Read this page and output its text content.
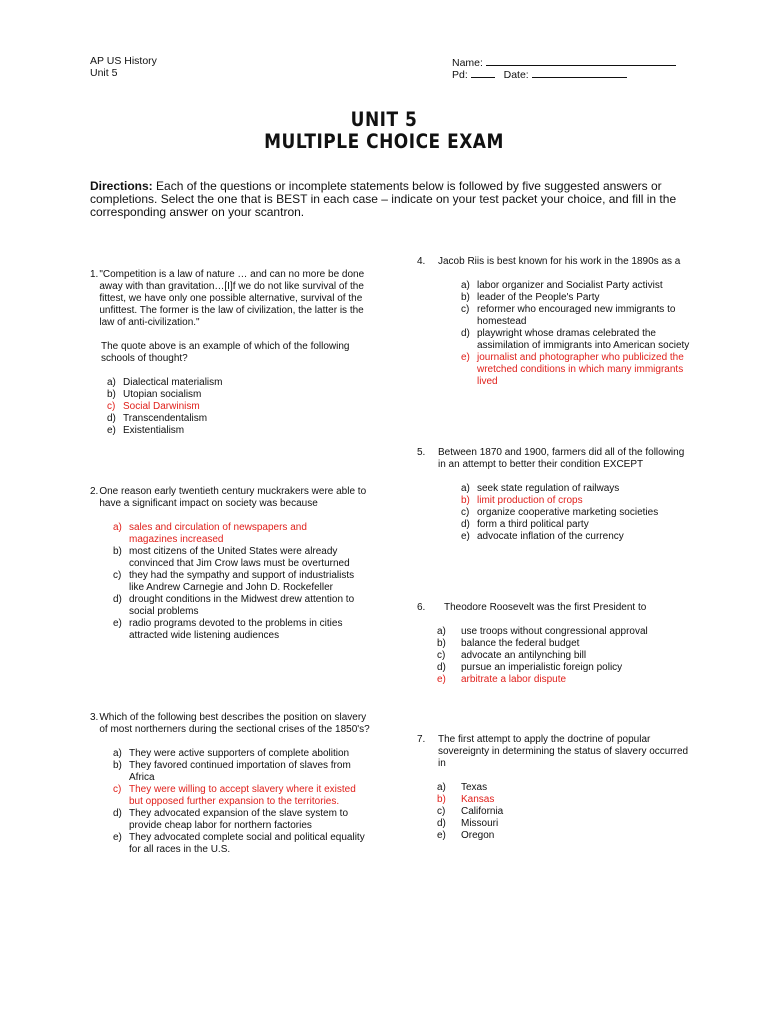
AP US History
Unit 5
Name:
Pd:	Date:
UNIT 5
MULTIPLE CHOICE EXAM
Directions: Each of the questions or incomplete statements below is followed by five suggested answers or completions. Select the one that is BEST in each case – indicate on your test packet your choice, and fill in the corresponding answer on your scantron.
1. "Competition is a law of nature … and can no more be done away with than gravitation…[I]f we do not like survival of the fittest, we have only one possible alternative, survival of the unfittest. The former is the law of civilization, the latter is the law of anti-civilization."
The quote above is an example of which of the following schools of thought?
a) Dialectical materialism
b) Utopian socialism
c) Social Darwinism
d) Transcendentalism
e) Existentialism
2. One reason early twentieth century muckrakers were able to have a significant impact on society was because
a) sales and circulation of newspapers and magazines increased
b) most citizens of the United States were already convinced that Jim Crow laws must be overturned
c) they had the sympathy and support of industrialists like Andrew Carnegie and John D. Rockefeller
d) drought conditions in the Midwest drew attention to social problems
e) radio programs devoted to the problems in cities attracted wide listening audiences
3. Which of the following best describes the position on slavery of most northerners during the sectional crises of the 1850's?
a) They were active supporters of complete abolition
b) They favored continued importation of slaves from Africa
c) They were willing to accept slavery where it existed but opposed further expansion to the territories.
d) They advocated expansion of the slave system to provide cheap labor for northern factories
e) They advocated complete social and political equality for all races in the U.S.
4.	Jacob Riis is best known for his work in the 1890s as a
a) labor organizer and Socialist Party activist
b) leader of the People's Party
c) reformer who encouraged new immigrants to homestead
d) playwright whose dramas celebrated the assimilation of immigrants into American society
e) journalist and photographer who publicized the wretched conditions in which many immigrants lived
5.	Between 1870 and 1900, farmers did all of the following in an attempt to better their condition EXCEPT
a) seek state regulation of railways
b) limit production of crops
c) organize cooperative marketing societies
d) form a third political party
e) advocate inflation of the currency
6.	Theodore Roosevelt was the first President to
a)	use troops without congressional approval
b)	balance the federal budget
c)	advocate an antilynching bill
d)	pursue an imperialistic foreign policy
e)	arbitrate a labor dispute
7.	The first attempt to apply the doctrine of popular sovereignty in determining the status of slavery occurred in
a)	Texas
b)	Kansas
c)	California
d)	Missouri
e)	Oregon
